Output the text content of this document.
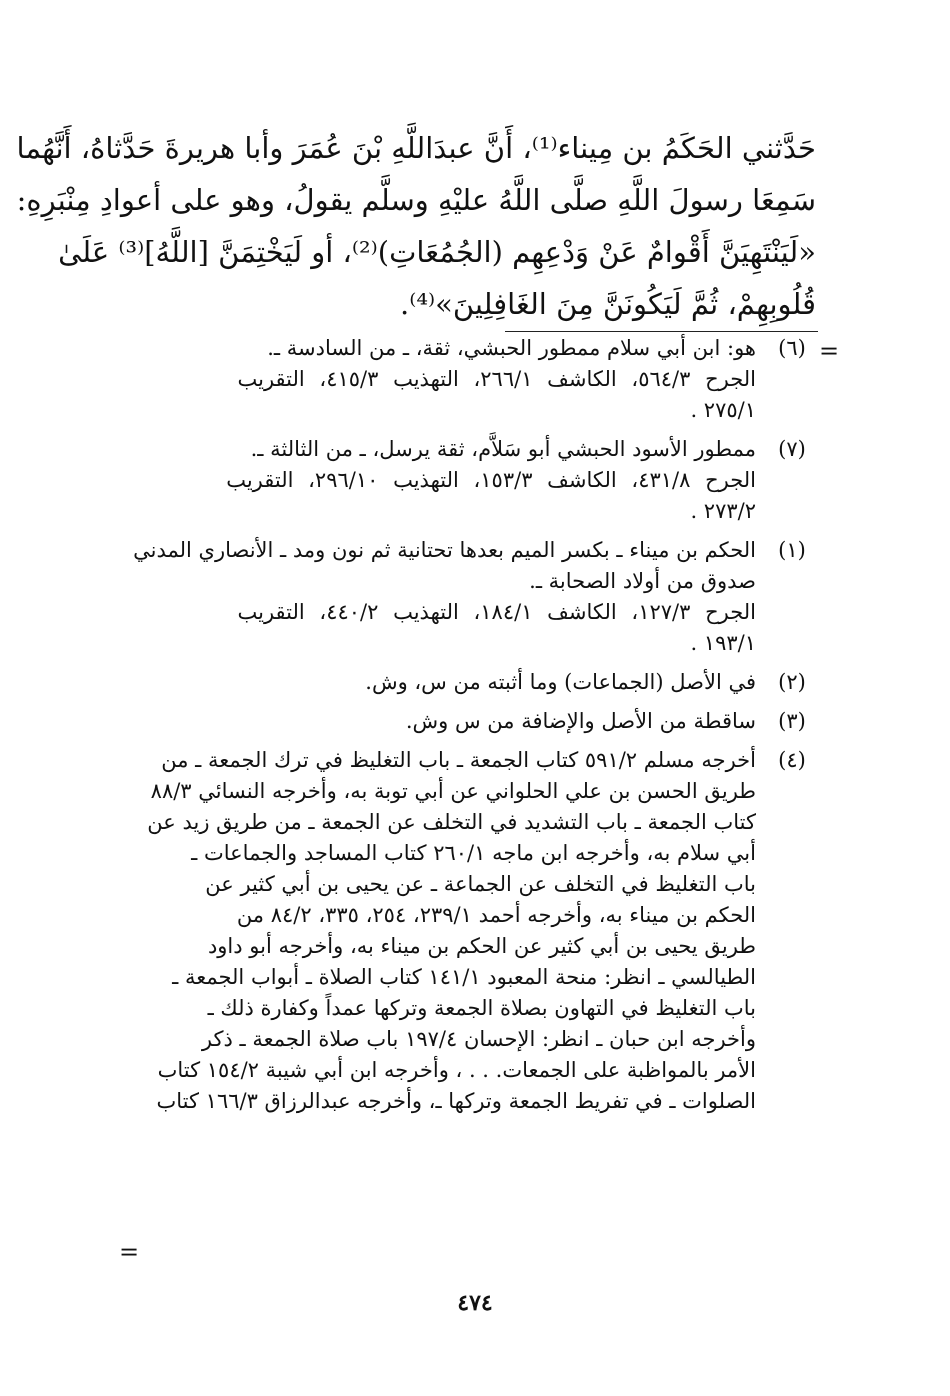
حَدَّثني الحَكَمُ بن مِيناء⁽¹⁾، أَنَّ عبدَاللَّهِ بْنَ عُمَرَ وأبا هريرةَ حَدَّثاهُ، أَنَّهُما
سَمِعَا رسولَ اللَّهِ صلَّى اللَّهُ عليْهِ وسلَّم يقولُ، وهو على أعوادِ مِنْبَرِهِ:
«لَيَنْتَهِيَنَّ أَقْوامٌ عَنْ وَدْعِهِم (الجُمُعَاتِ)⁽²⁾، أو لَيَخْتِمَنَّ [اللَّهُ]⁽³⁾ عَلَىٰ
قُلُوبِهِمْ، ثُمَّ لَيَكُونَنَّ مِنَ الغَافِلِينَ»⁽⁴⁾.
=
(٦)
هو: ابن أبي سلام ممطور الحبشي، ثقة، ـ من السادسة ـ.
الجرح ٥٦٤/٣، الكاشف ٢٦٦/١، التهذيب ٤١٥/٣، التقريب
٢٧٥/١ .
(٧)
ممطور الأسود الحبشي أبو سَلاَّم، ثقة يرسل، ـ من الثالثة ـ.
الجرح ٤٣١/٨، الكاشف ١٥٣/٣، التهذيب ٢٩٦/١٠، التقريب
٢٧٣/٢ .
(١)
الحكم بن ميناء ـ بكسر الميم بعدها تحتانية ثم نون ومد ـ الأنصاري المدني
صدوق من أولاد الصحابة ـ.
الجرح ١٢٧/٣، الكاشف ١٨٤/١، التهذيب ٤٤٠/٢، التقريب
١٩٣/١ .
(٢)
في الأصل (الجماعات) وما أثبته من س، وش.
(٣)
ساقطة من الأصل والإضافة من س وش.
(٤)
أخرجه مسلم ٥٩١/٢ كتاب الجمعة ـ باب التغليظ في ترك الجمعة ـ من
طريق الحسن بن علي الحلواني عن أبي توبة به، وأخرجه النسائي ٨٨/٣
كتاب الجمعة ـ باب التشديد في التخلف عن الجمعة ـ من طريق زيد عن
أبي سلام به، وأخرجه ابن ماجه ٢٦٠/١ كتاب المساجد والجماعات ـ
باب التغليظ في التخلف عن الجماعة ـ عن يحيى بن أبي كثير عن
الحكم بن ميناء به، وأخرجه أحمد ٢٣٩/١، ٢٥٤، ٣٣٥، ٨٤/٢ من
طريق يحيى بن أبي كثير عن الحكم بن ميناء به، وأخرجه أبو داود
الطيالسي ـ انظر: منحة المعبود ١٤١/١ كتاب الصلاة ـ أبواب الجمعة ـ
باب التغليظ في التهاون بصلاة الجمعة وتركها عمداً وكفارة ذلك ـ
وأخرجه ابن حبان ـ انظر: الإحسان ١٩٧/٤ باب صلاة الجمعة ـ ذكر
الأمر بالمواظبة على الجمعات. . . ، وأخرجه ابن أبي شيبة ١٥٤/٢ كتاب
الصلوات ـ في تفريط الجمعة وتركها ـ، وأخرجه عبدالرزاق ١٦٦/٣ كتاب
=
٤٧٤
